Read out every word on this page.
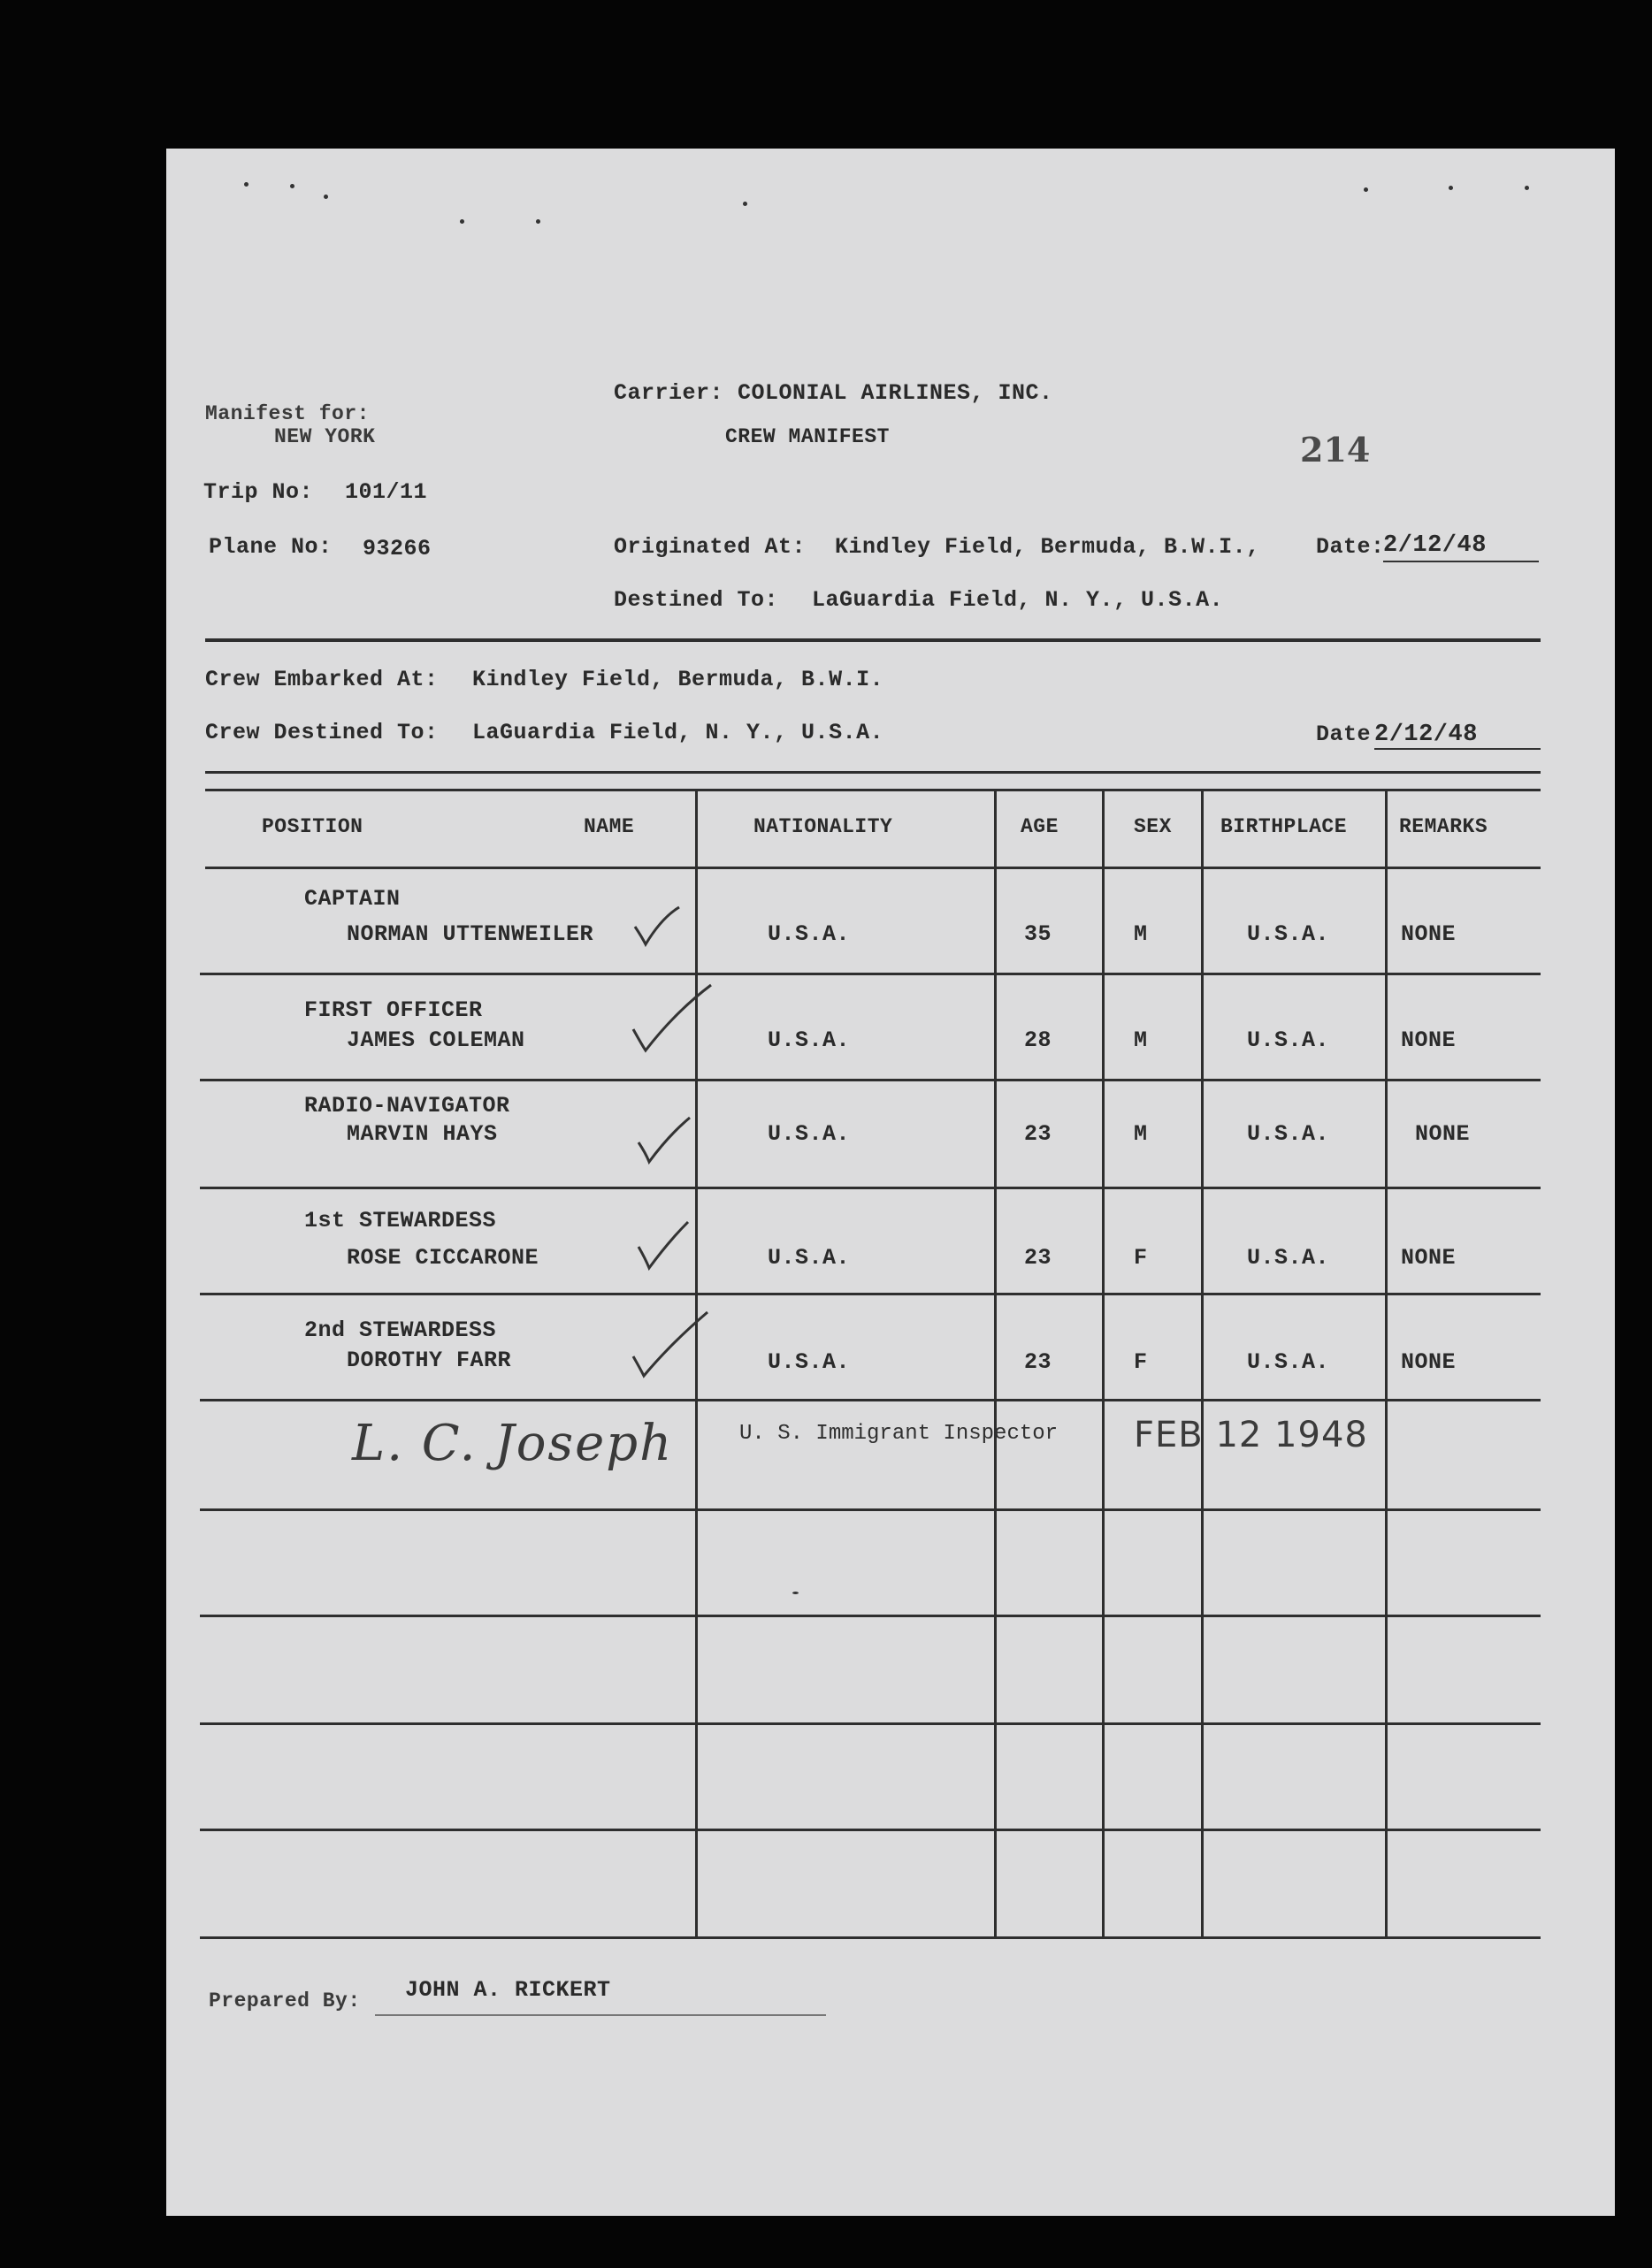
Carrier: COLONIAL AIRLINES, INC.
Manifest for:
NEW YORK	CREW MANIFEST	214
Trip No: 101/11
Plane No: 93266	Originated At: Kindley Field, Bermuda, B.W.I.,	Date:
2/12/48
Destined To: LaGuardia Field, N. Y., U.S.A.
Crew Embarked At: Kindley Field, Bermuda, B.W.I.
Crew Destined To: LaGuardia Field, N. Y., U.S.A.	Date 2/12/48
POSITION	NAME	NATIONALITY	AGE	SEX BIRTHPLACE	REMARKS
CAPTAIN
NORMAN UTTENWEILER	U.S.A.	35	M	U.S.A.	NONE
FIRST OFFICER
JAMES COLEMAN	U.S.A.	28	M	U.S.A.	NONE
RADIO-NAVIGATOR
MARVIN HAYS	U.S.A.	23	M	U.S.A.	NONE
1st STEWARDESS
ROSE CICCARONE	U.S.A.	23	F	U.S.A.	NONE
2nd STEWARDESS
DOROTHY FARR	U.S.A.	23	F	U.S.A.	NONE
L. C. Joseph	U. S. Immigrant Inspector FEB 12 1948
Prepared By: JOHN A. RICKERT
